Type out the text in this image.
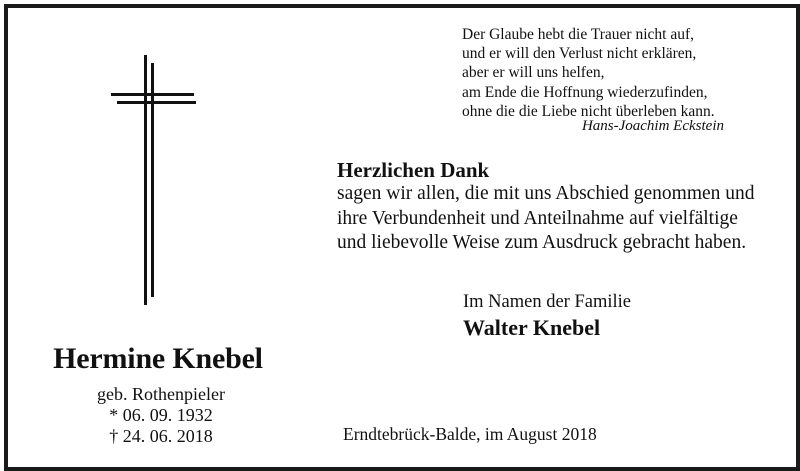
Der Glaube hebt die Trauer nicht auf,
und er will den Verlust nicht erklären,
aber er will uns helfen,
am Ende die Hoffnung wiederzufinden,
ohne die die Liebe nicht überleben kann.
Hans-Joachim Eckstein
Herzlichen Dank
sagen wir allen, die mit uns Abschied genommen und
ihre Verbundenheit und Anteilnahme auf vielfältige
und liebevolle Weise zum Ausdruck gebracht haben.
Im Namen der Familie
Walter Knebel
Hermine Knebel
geb. Rothenpieler
* 06. 09. 1932
† 24. 06. 2018	Erndtebrück-Balde, im August 2018
